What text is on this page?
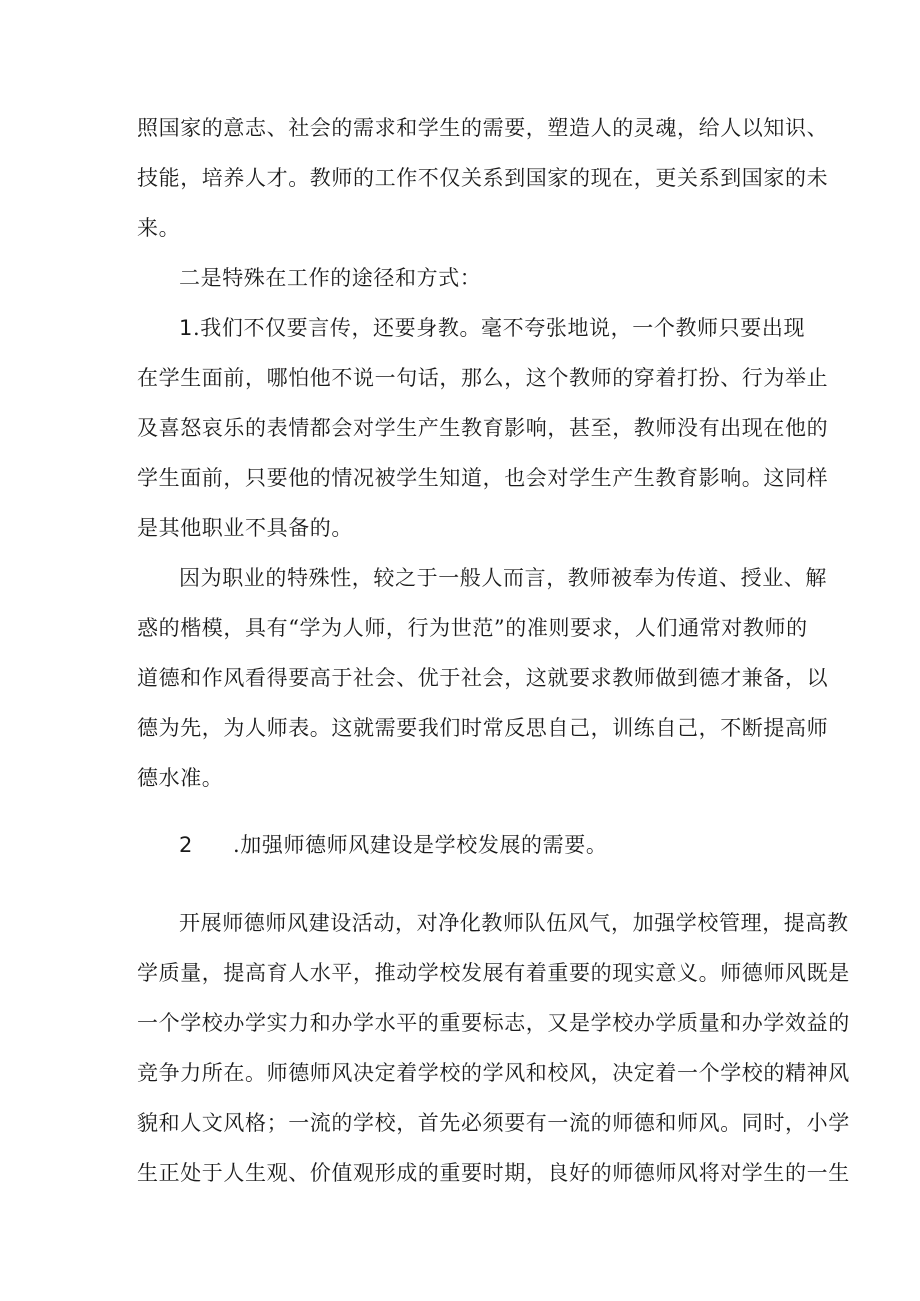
照国家的意志、社会的需求和学生的需要，塑造人的灵魂，给人以知识、
技能，培养人才。教师的工作不仅关系到国家的现在，更关系到国家的未
来。
二是特殊在工作的途径和方式：
1.我们不仅要言传，还要身教。毫不夸张地说，一个教师只要出现
在学生面前，哪怕他不说一句话，那么，这个教师的穿着打扮、行为举止
及喜怒哀乐的表情都会对学生产生教育影响，甚至，教师没有出现在他的
学生面前，只要他的情况被学生知道，也会对学生产生教育影响。这同样
是其他职业不具备的。
因为职业的特殊性，较之于一般人而言，教师被奉为传道、授业、解
惑的楷模，具有“学为人师，行为世范”的准则要求，人们通常对教师的
道德和作风看得要高于社会、优于社会，这就要求教师做到德才兼备，以
德为先，为人师表。这就需要我们时常反思自己，训练自己，不断提高师
德水准。
2 .加强师德师风建设是学校发展的需要。
开展师德师风建设活动，对净化教师队伍风气，加强学校管理，提高教
学质量，提高育人水平，推动学校发展有着重要的现实意义。师德师风既是
一个学校办学实力和办学水平的重要标志，又是学校办学质量和办学效益的
竞争力所在。师德师风决定着学校的学风和校风，决定着一个学校的精神风
貌和人文风格；一流的学校，首先必须要有一流的师德和师风。同时，小学
生正处于人生观、价值观形成的重要时期，良好的师德师风将对学生的一生
